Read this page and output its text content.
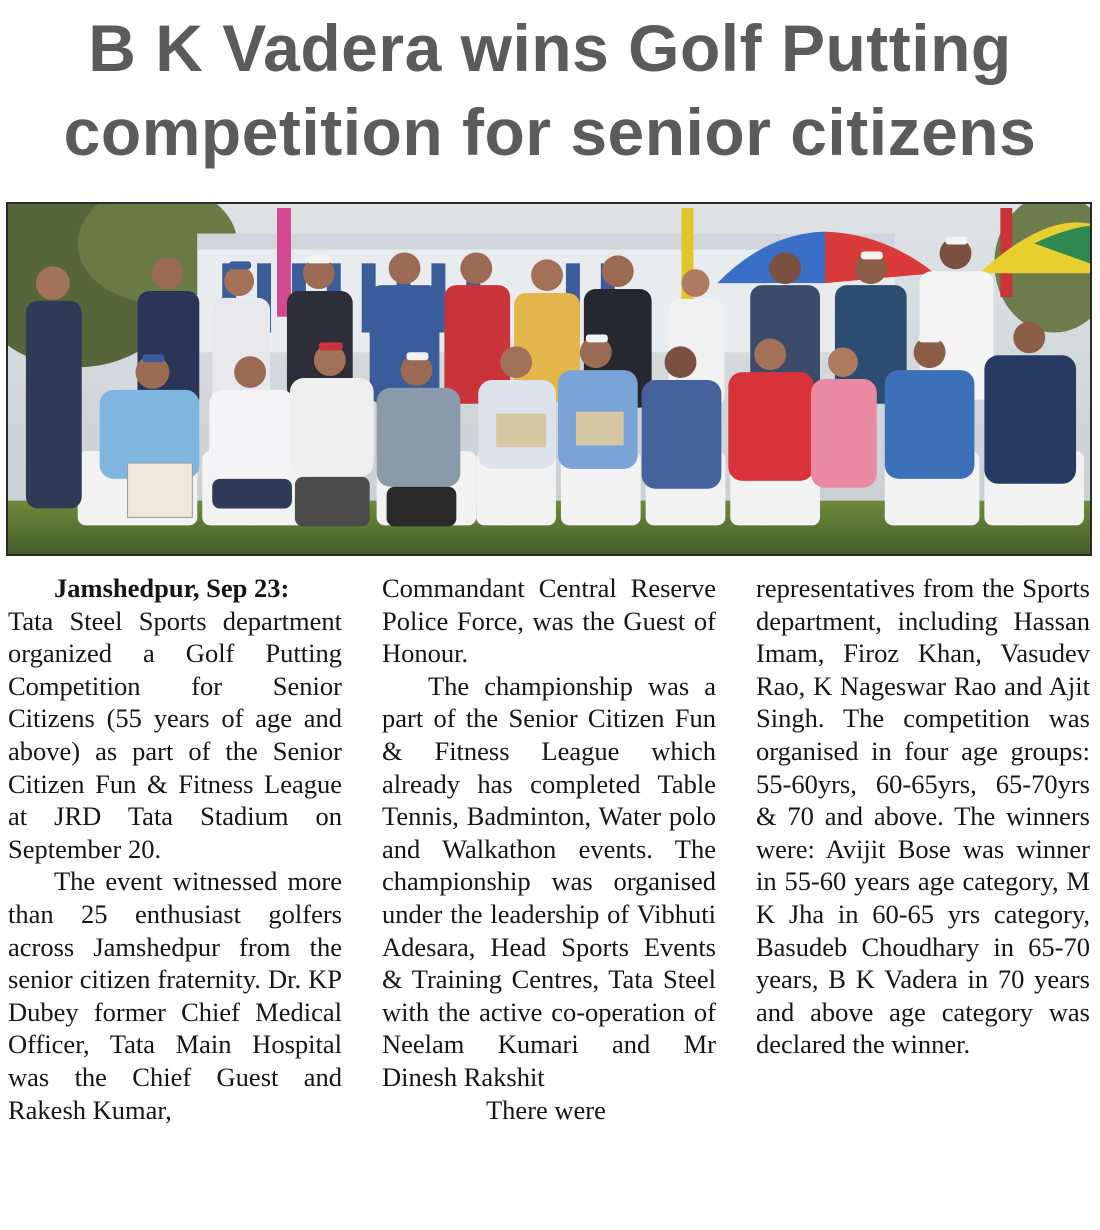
B K Vadera wins Golf Putting
competition for senior citizens

Jamshedpur, Sep 23:

Tata Steel Sports department organized a Golf Putting Competition for Senior Citizens (55 years of age and above) as part of the Senior Citizen Fun & Fitness League at JRD Tata Stadium on September 20.

The event witnessed more than 25 enthusiast golfers across Jamshedpur from the senior citizen fraternity. Dr. KP Dubey former Chief Medical Officer, Tata Main Hospital was the Chief Guest and Rakesh Kumar,

Commandant Central Reserve Police Force, was the Guest of Honour.

The championship was a part of the Senior Citizen Fun & Fitness League which already has completed Table Tennis, Badminton, Water polo and Walkathon events. The championship was organised under the leadership of Vibhuti Adesara, Head Sports Events & Training Centres, Tata Steel with the active co-operation of Neelam Kumari and Mr Dinesh Rakshit

There were

representatives from the Sports department, including Hassan Imam, Firoz Khan, Vasudev Rao, K Nageswar Rao and Ajit Singh. The competition was organised in four age groups: 55-60yrs, 60-65yrs, 65-70yrs & 70 and above. The winners were: Avijit Bose was winner in 55-60 years age category, M K Jha in 60-65 yrs category, Basudeb Choudhary in 65-70 years, B K Vadera in 70 years and above age category was declared the winner.
